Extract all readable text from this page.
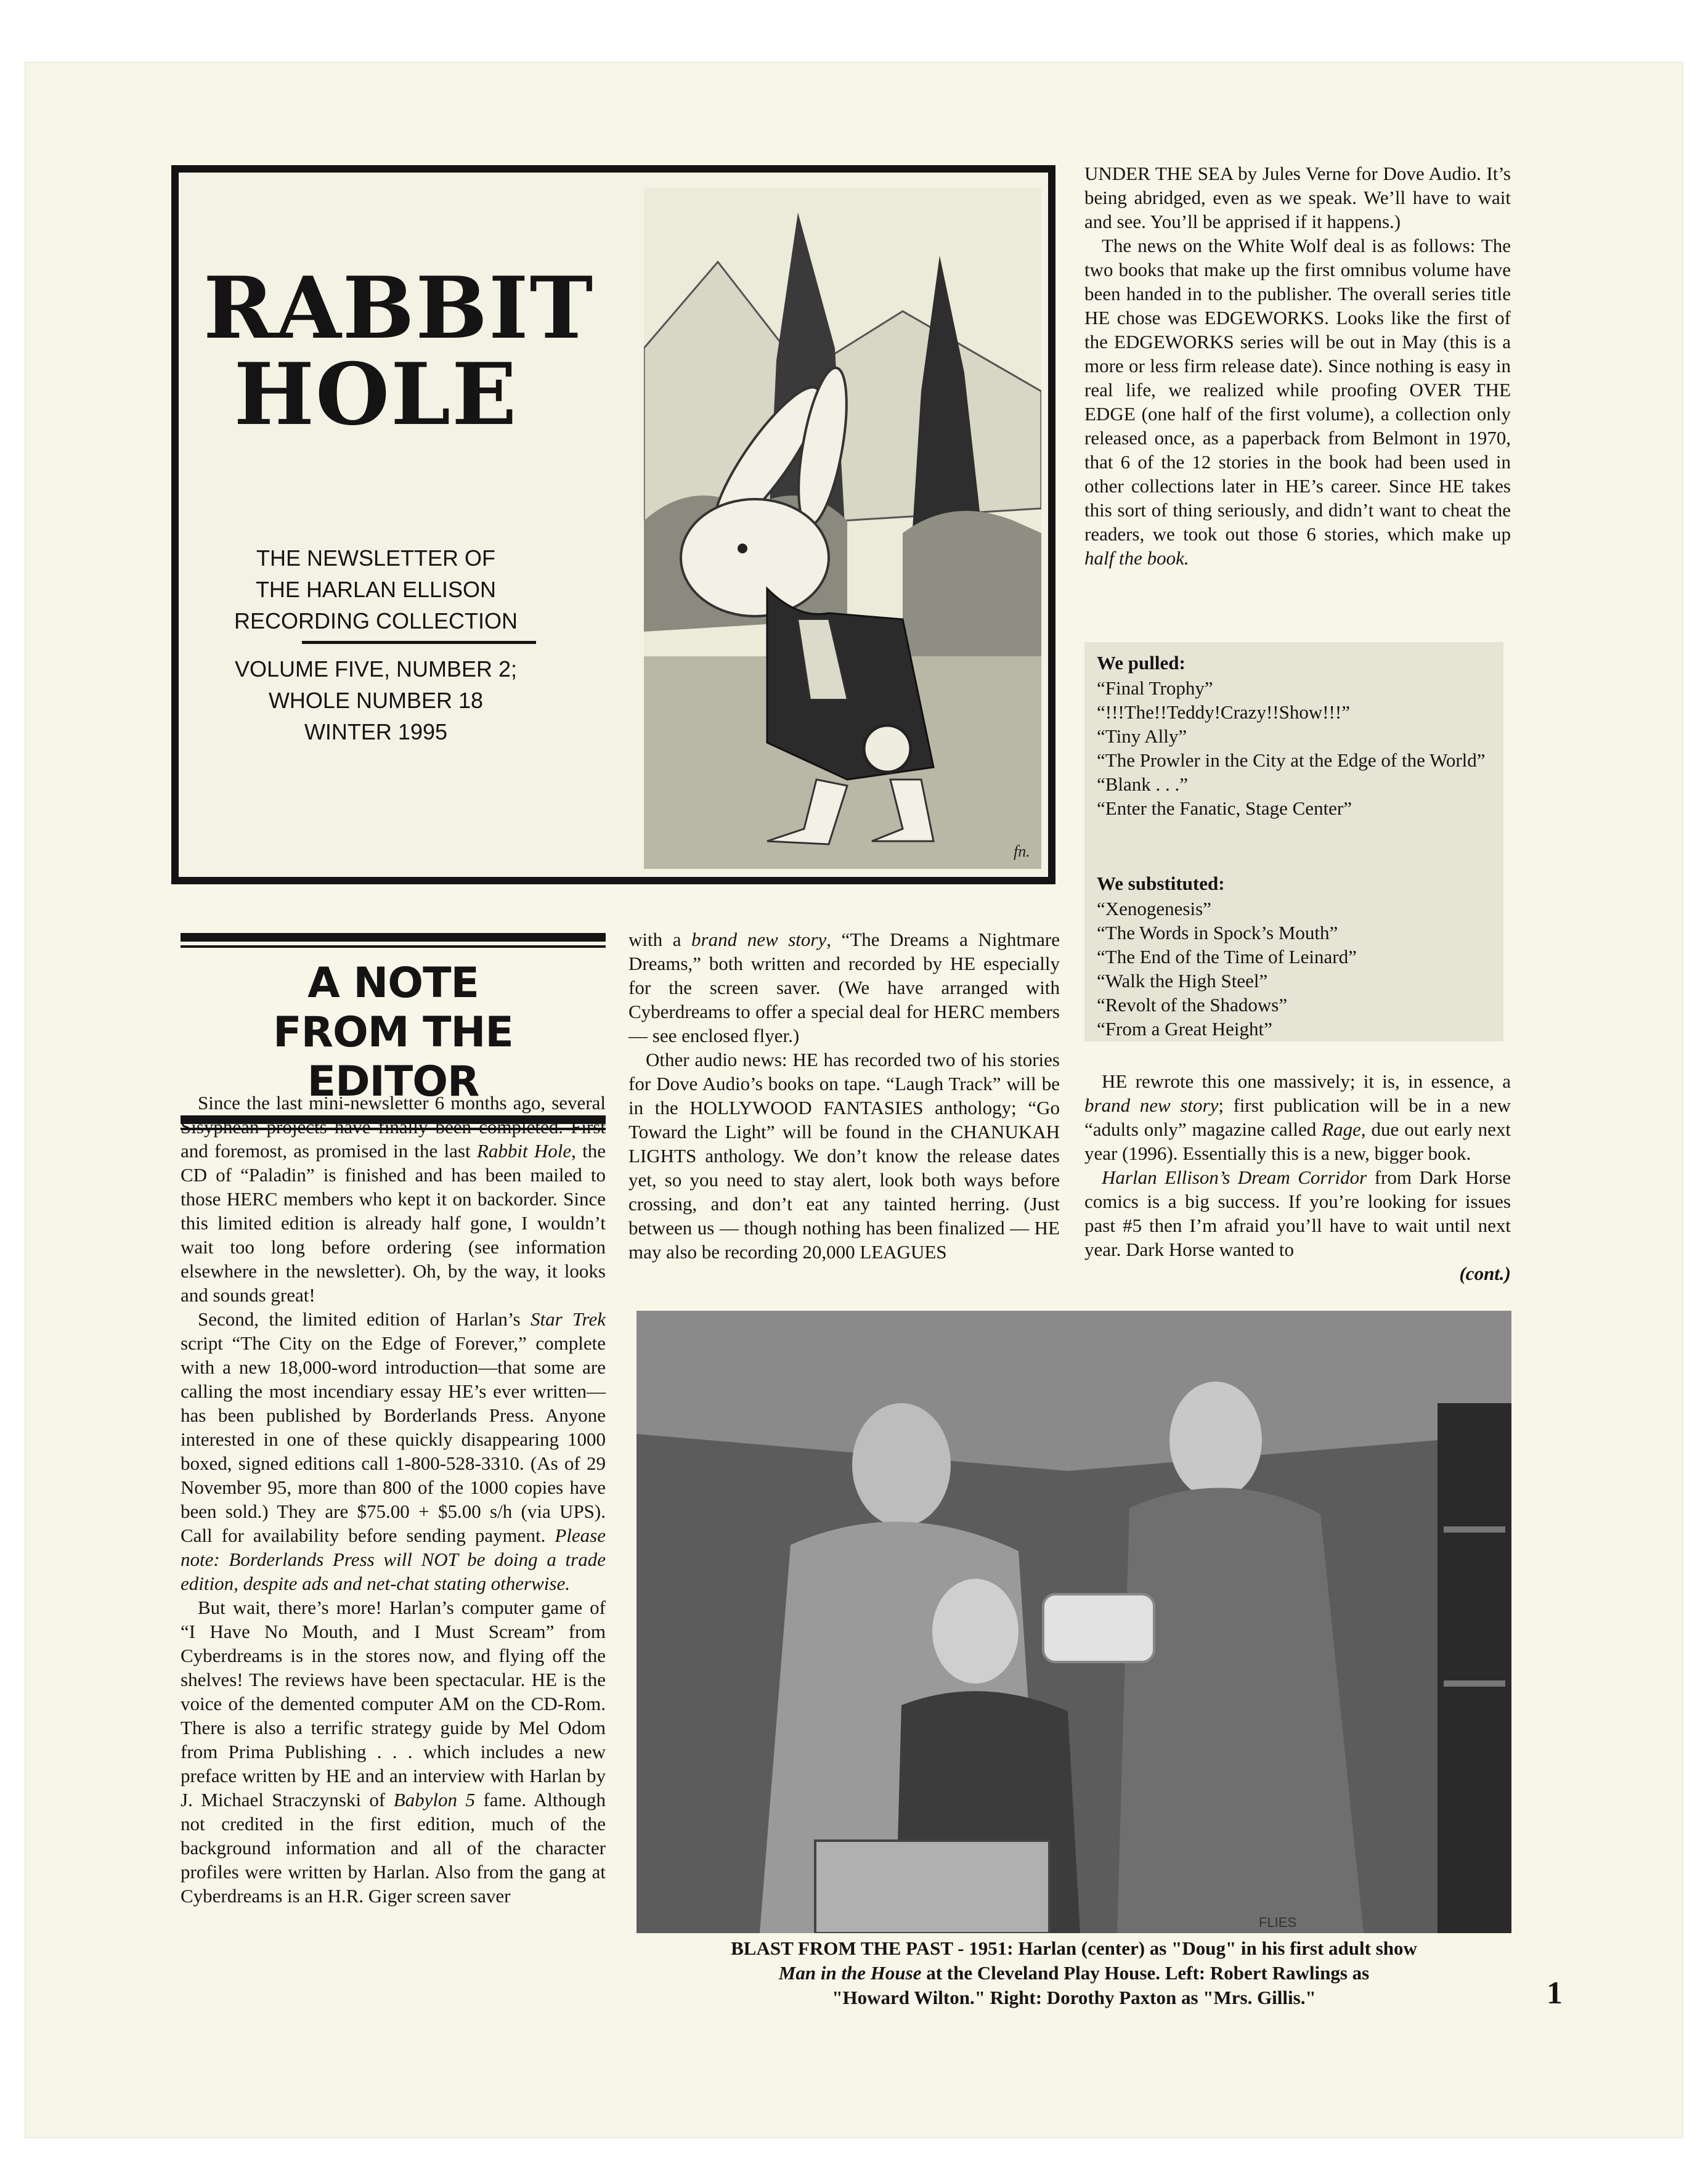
RABBIT
HOLE
THE NEWSLETTER OF
THE HARLAN ELLISON
RECORDING COLLECTION
VOLUME FIVE, NUMBER 2;
WHOLE NUMBER 18
WINTER 1995
fn.
A NOTE
FROM THE EDITOR

Since the last mini-newsletter 6 months ago, several Sisyphean projects have finally been completed. First and foremost, as promised in the last Rabbit Hole, the CD of “Paladin” is finished and has been mailed to those HERC members who kept it on backorder. Since this limited edition is already half gone, I wouldn’t wait too long before ordering (see information elsewhere in the newsletter). Oh, by the way, it looks and sounds great!

Second, the limited edition of Harlan’s Star Trek script “The City on the Edge of Forever,” complete with a new 18,000-word introduction—that some are calling the most incendiary essay HE’s ever written—has been published by Borderlands Press. Anyone interested in one of these quickly disappearing 1000 boxed, signed editions call 1-800-528-3310. (As of 29 November 95, more than 800 of the 1000 copies have been sold.) They are $75.00 + $5.00 s/h (via UPS). Call for availability before sending payment. Please note: Borderlands Press will NOT be doing a trade edition, despite ads and net-chat stating otherwise.

But wait, there’s more! Harlan’s computer game of “I Have No Mouth, and I Must Scream” from Cyberdreams is in the stores now, and flying off the shelves! The reviews have been spectacular. HE is the voice of the demented computer AM on the CD-Rom. There is also a terrific strategy guide by Mel Odom from Prima Publishing . . . which includes a new preface written by HE and an interview with Harlan by J. Michael Straczynski of Babylon 5 fame. Although not credited in the first edition, much of the background information and all of the character profiles were written by Harlan. Also from the gang at Cyberdreams is an H.R. Giger screen saver

with a brand new story, “The Dreams a Nightmare Dreams,” both written and recorded by HE especially for the screen saver. (We have arranged with Cyberdreams to offer a special deal for HERC members — see enclosed flyer.)

Other audio news: HE has recorded two of his stories for Dove Audio’s books on tape. “Laugh Track” will be in the HOLLYWOOD FANTASIES anthology; “Go Toward the Light” will be found in the CHANUKAH LIGHTS anthology. We don’t know the release dates yet, so you need to stay alert, look both ways before crossing, and don’t eat any tainted herring. (Just between us — though nothing has been finalized — HE may also be recording 20,000 LEAGUES

UNDER THE SEA by Jules Verne for Dove Audio. It’s being abridged, even as we speak. We’ll have to wait and see. You’ll be apprised if it happens.)

The news on the White Wolf deal is as follows: The two books that make up the first omnibus volume have been handed in to the publisher. The overall series title HE chose was EDGEWORKS. Looks like the first of the EDGEWORKS series will be out in May (this is a more or less firm release date). Since nothing is easy in real life, we realized while proofing OVER THE EDGE (one half of the first volume), a collection only released once, as a paperback from Belmont in 1970, that 6 of the 12 stories in the book had been used in other collections later in HE’s career. Since HE takes this sort of thing seriously, and didn’t want to cheat the readers, we took out those 6 stories, which make up half the book.

We pulled:
“Final Trophy”
“!!!The!!Teddy!Crazy!!Show!!!”
“Tiny Ally”
“The Prowler in the City at the Edge of the World”
“Blank . . .”
“Enter the Fanatic, Stage Center”
We substituted:
“Xenogenesis”
“The Words in Spock’s Mouth”
“The End of the Time of Leinard”
“Walk the High Steel”
“Revolt of the Shadows”
“From a Great Height”

HE rewrote this one massively; it is, in essence, a brand new story; first publication will be in a new “adults only” magazine called Rage, due out early next year (1996). Essentially this is a new, bigger book.

Harlan Ellison’s Dream Corridor from Dark Horse comics is a big success. If you’re looking for issues past #5 then I’m afraid you’ll have to wait until next year. Dark Horse wanted to

(cont.)
FLIES
BLAST FROM THE PAST - 1951: Harlan (center) as "Doug" in his first adult show
Man in the House at the Cleveland Play House. Left: Robert Rawlings as
"Howard Wilton." Right: Dorothy Paxton as "Mrs. Gillis."	1
